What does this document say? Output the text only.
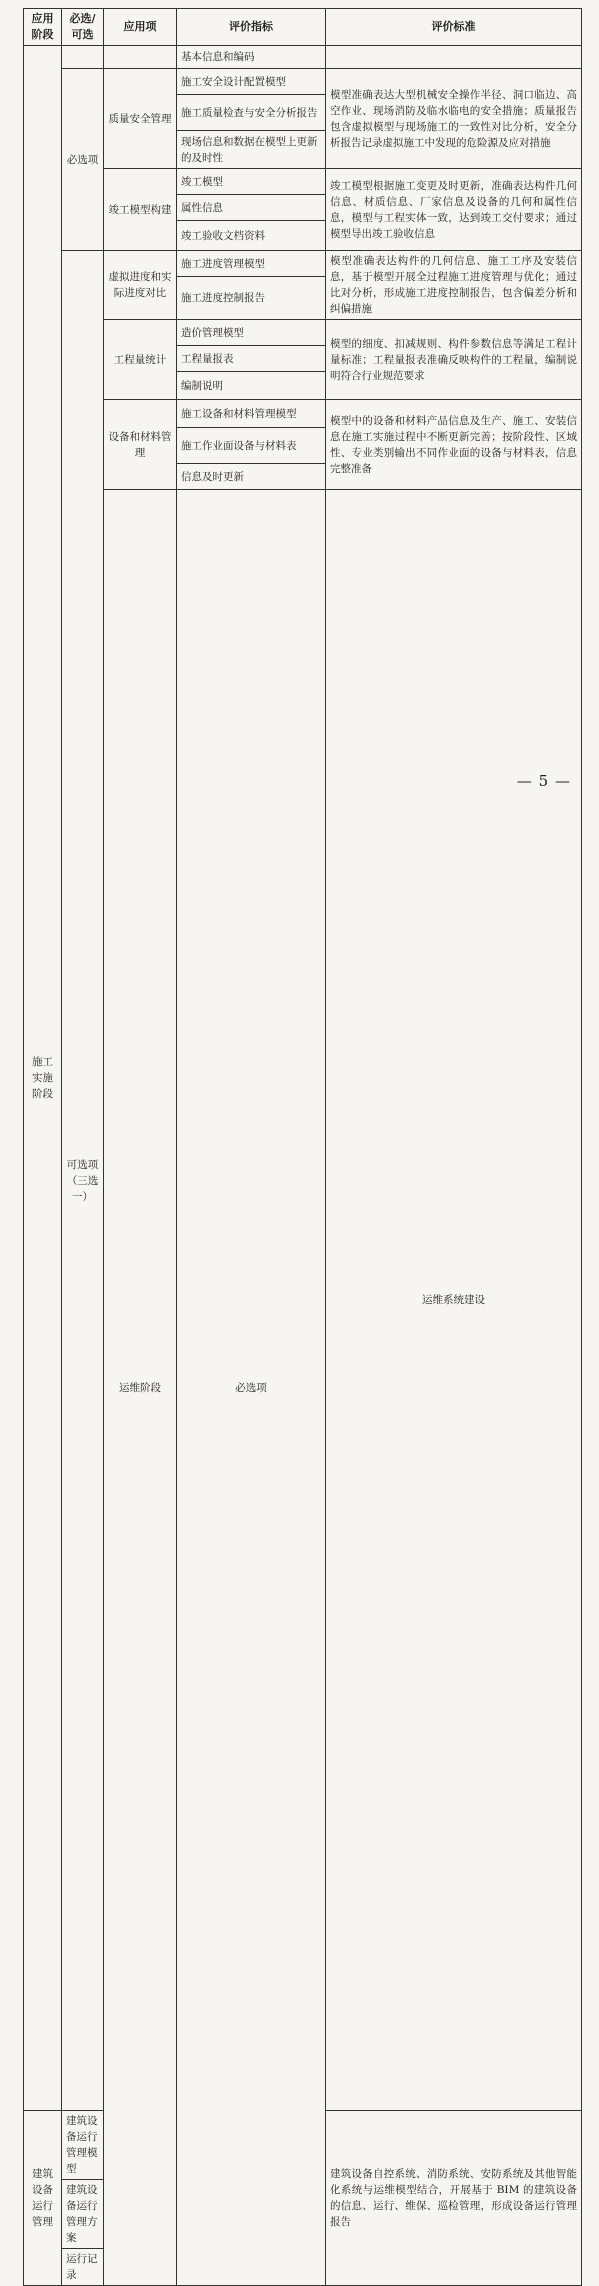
应用阶段	必选/可选	应用项	评价指标	评价标准	
施工实施阶段			基本信息和编码		
	必选项	质量安全管理	施工安全设计配置模型	模型准确表达大型机械安全操作半径、洞口临边、高空作业、现场消防及临水临电的安全措施；质量报告包含虚拟模型与现场施工的一致性对比分析，安全分析报告记录虚拟施工中发现的危险源及应对措施	
			施工质量检查与安全分析报告		
			现场信息和数据在模型上更新的及时性		
		竣工模型构建	竣工模型	竣工模型根据施工变更及时更新，准确表达构件几何信息、材质信息、厂家信息及设备的几何和属性信息，模型与工程实体一致，达到竣工交付要求；通过模型导出竣工验收信息	
			属性信息		
			竣工验收文档资料		
	可选项（三选一）	虚拟进度和实际进度对比	施工进度管理模型	模型准确表达构件的几何信息、施工工序及安装信息，基于模型开展全过程施工进度管理与优化；通过比对分析，形成施工进度控制报告，包含偏差分析和纠偏措施	
			施工进度控制报告		
		工程量统计	造价管理模型	模型的细度、扣减规则、构件参数信息等满足工程计量标准；工程量报表准确反映构件的工程量，编制说明符合行业规范要求	
			工程量报表		
			编制说明		
		设备和材料管理	施工设备和材料管理模型	模型中的设备和材料产品信息及生产、施工、安装信息在施工实施过程中不断更新完善；按阶段性、区域性、专业类别输出不同作业面的设备与材料表，信息完整准备	
			施工作业面设备与材料表		
			信息及时更新		
		运维阶段	必选项	运维系统建设		

建筑设备运行管理	建筑设备运行管理模型			建筑设备自控系统、消防系统、安防系统及其他智能化系统与运维模型结合，开展基于 BIM 的建筑设备的信息、运行、维保、巡检管理，形成设备运行管理报告	
	建筑设备运行管理方案				
	运行记录				
— 5 —
